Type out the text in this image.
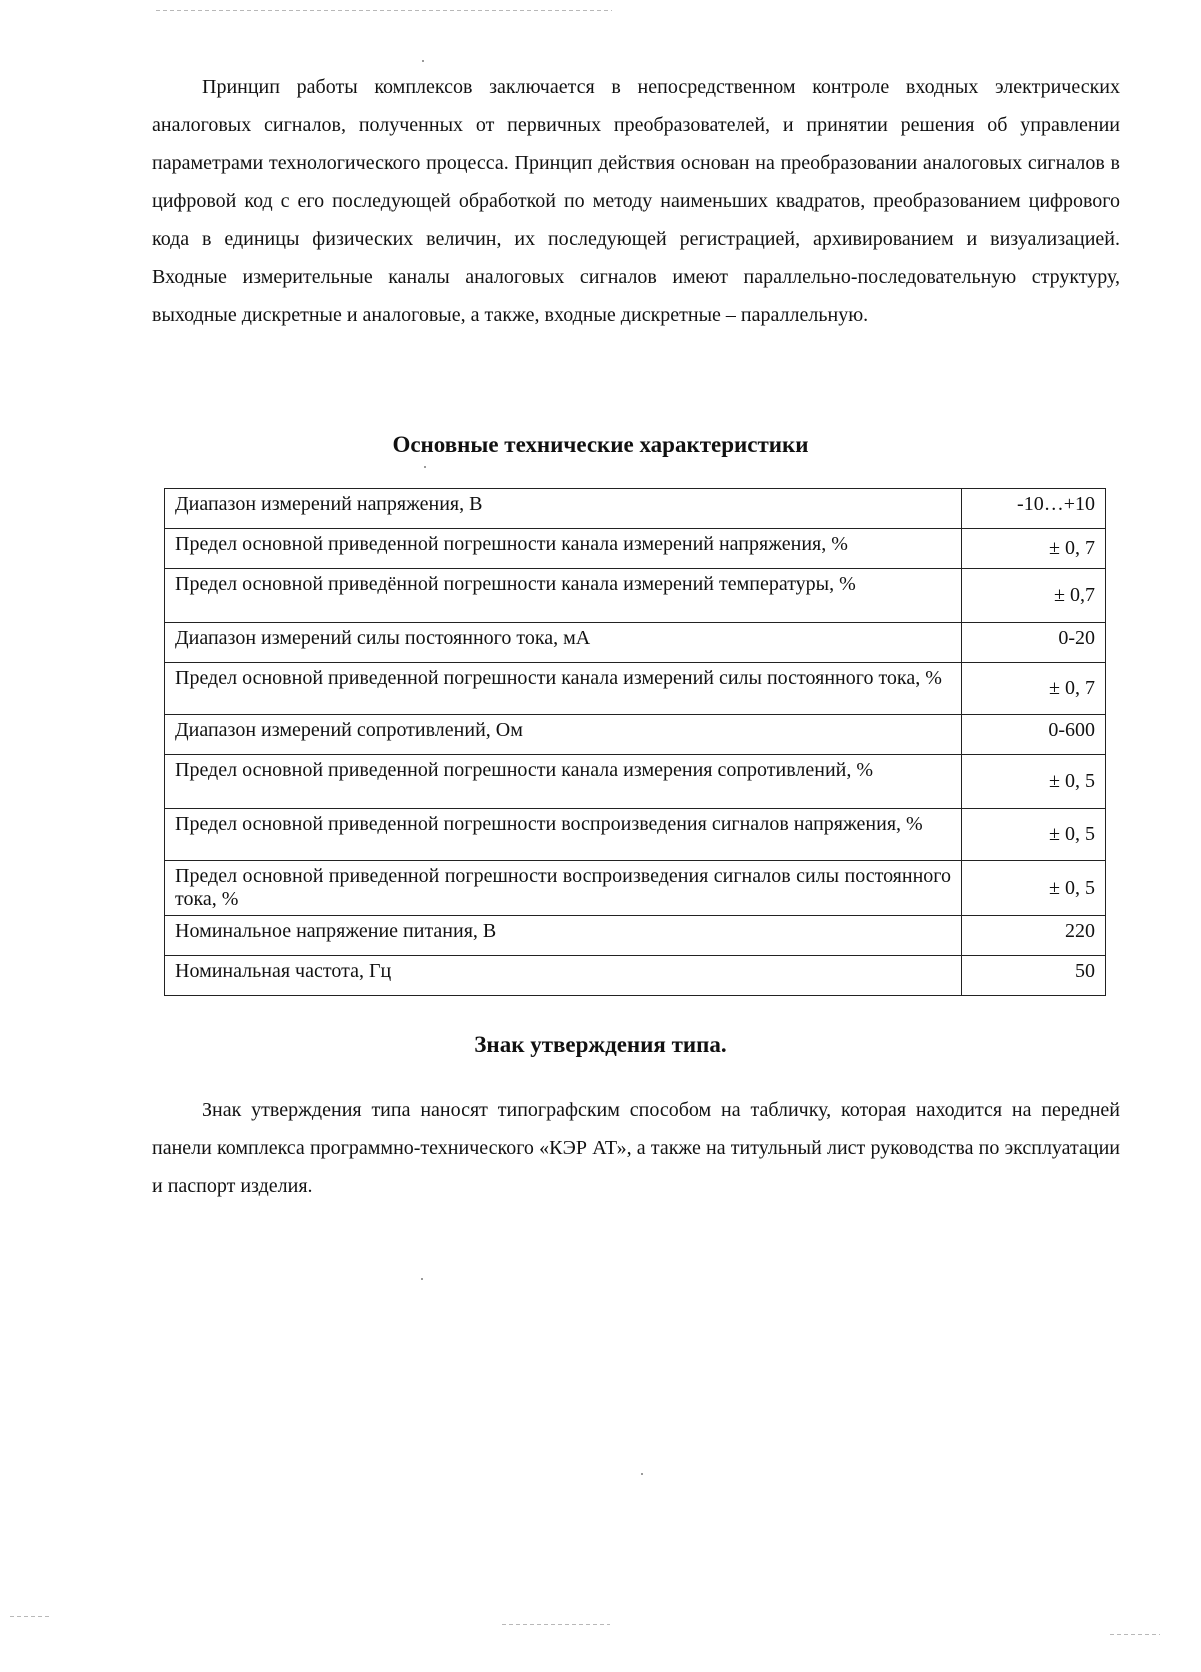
Принцип работы комплексов заключается в непосредственном контроле входных электрических аналоговых сигналов, полученных от первичных преобразователей, и принятии решения об управлении параметрами технологического процесса. Принцип действия основан на преобразовании аналоговых сигналов в цифровой код с его последующей обработкой по методу наименьших квадратов, преобразованием цифрового кода в единицы физических величин, их последующей регистрацией, архивированием и визуализацией. Входные измерительные каналы аналоговых сигналов имеют параллельно-последовательную структуру, выходные дискретные и аналоговые, а также, входные дискретные – параллельную.

Основные технические характеристики
Диапазон измерений напряжения, В	-10…+10
Предел основной приведенной погрешности канала измерений напряжения, %	± 0, 7
Предел основной приведённой погрешности канала измерений температуры, %	± 0,7
Диапазон измерений силы постоянного тока, мА	0-20
Предел основной приведенной погрешности канала измерений силы постоянного тока, %	± 0, 7
Диапазон измерений сопротивлений, Ом	0-600
Предел основной приведенной погрешности канала измерения сопротивлений, %	± 0, 5
Предел основной приведенной погрешности воспроизведения сигналов напряжения, %	± 0, 5
Предел основной приведенной погрешности воспроизведения сигналов силы постоянного тока, %	± 0, 5
Номинальное напряжение питания, В	220
Номинальная частота, Гц	50
Знак утверждения типа.

Знак утверждения типа наносят типографским способом на табличку, которая находится на передней панели комплекса программно-технического «КЭР АТ», а также на титульный лист руководства по эксплуатации и паспорт изделия.
